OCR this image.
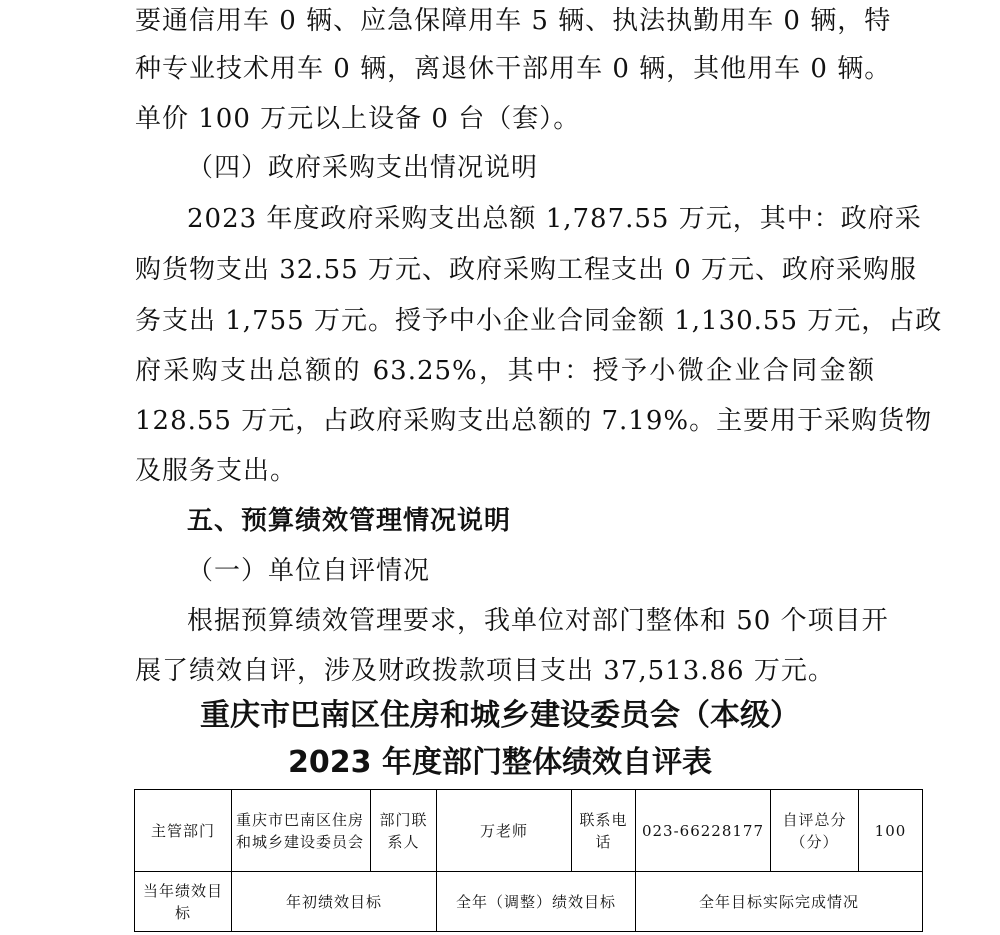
要通信用车 0 辆、应急保障用车 5 辆、执法执勤用车 0 辆，特
种专业技术用车 0 辆，离退休干部用车 0 辆，其他用车 0 辆。
单价 100 万元以上设备 0 台（套）。
（四）政府采购支出情况说明
2023 年度政府采购支出总额 1,787.55 万元，其中：政府采
购货物支出 32.55 万元、政府采购工程支出 0 万元、政府采购服
务支出 1,755 万元。授予中小企业合同金额 1,130.55 万元，占政
府采购支出总额的 63.25%，其中：授予小微企业合同金额
128.55 万元，占政府采购支出总额的 7.19%。主要用于采购货物
及服务支出。
五、预算绩效管理情况说明
（一）单位自评情况
根据预算绩效管理要求，我单位对部门整体和 50 个项目开
展了绩效自评，涉及财政拨款项目支出 37,513.86 万元。
重庆市巴南区住房和城乡建设委员会（本级）
2023 年度部门整体绩效自评表
主管部门	重庆市巴南区住房和城乡建设委员会	部门联系人	万老师	联系电话	023-66228177	自评总分（分）	100
当年绩效目标	年初绩效目标		全年（调整）绩效目标		全年目标实际完成情况		
